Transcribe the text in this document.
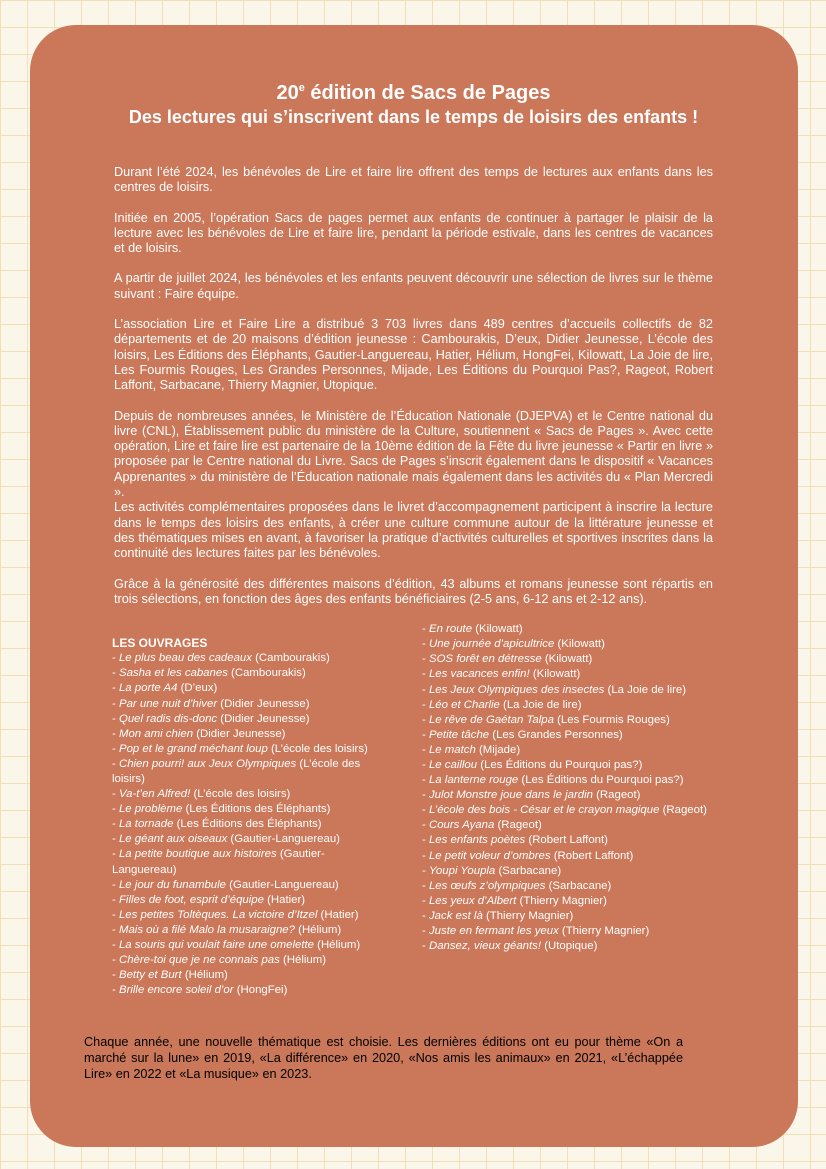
20e édition de Sacs de Pages
Des lectures qui s’inscrivent dans le temps de loisirs des enfants !

Durant l’été 2024, les bénévoles de Lire et faire lire offrent des temps de lectures aux enfants dans les centres de loisirs.

Initiée en 2005, l’opération Sacs de pages permet aux enfants de continuer à partager le plaisir de la lecture avec les bénévoles de Lire et faire lire, pendant la période estivale, dans les centres de vacances et de loisirs.

A partir de juillet 2024, les bénévoles et les enfants peuvent découvrir une sélection de livres sur le thème suivant : Faire équipe.

L’association Lire et Faire Lire a distribué 3 703 livres dans 489 centres d’accueils collectifs de 82 départements et de 20 maisons d’édition jeunesse : Cambourakis, D’eux, Didier Jeunesse, L’école des loisirs, Les Éditions des Éléphants, Gautier-Languereau, Hatier, Hélium, HongFei, Kilowatt, La Joie de lire, Les Fourmis Rouges, Les Grandes Personnes, Mijade, Les Éditions du Pourquoi Pas?, Rageot, Robert Laffont, Sarbacane, Thierry Magnier, Utopique.

Depuis de nombreuses années, le Ministère de l’Éducation Nationale (DJEPVA) et le Centre national du livre (CNL), Établissement public du ministère de la Culture, soutiennent « Sacs de Pages ». Avec cette opération, Lire et faire lire est partenaire de la 10ème édition de la Fête du livre jeunesse « Partir en livre » proposée par le Centre national du Livre. Sacs de Pages s’inscrit également dans le dispositif « Vacances Apprenantes » du ministère de l’Éducation nationale mais également dans les activités du « Plan Mercredi ».

Les activités complémentaires proposées dans le livret d’accompagnement participent à inscrire la lecture dans le temps des loisirs des enfants, à créer une culture commune autour de la littérature jeunesse et des thématiques mises en avant, à favoriser la pratique d’activités culturelles et sportives inscrites dans la continuité des lectures faites par les bénévoles.

Grâce à la générosité des différentes maisons d’édition, 43 albums et romans jeunesse sont répartis en trois sélections, en fonction des âges des enfants bénéficiaires (2-5 ans, 6-12 ans et 2-12 ans).

LES OUVRAGES
- Le plus beau des cadeaux (Cambourakis)
- Sasha et les cabanes (Cambourakis)
- La porte A4 (D’eux)
- Par une nuit d’hiver (Didier Jeunesse)
- Quel radis dis-donc (Didier Jeunesse)
- Mon ami chien (Didier Jeunesse)
- Pop et le grand méchant loup (L’école des loisirs)
- Chien pourri! aux Jeux Olympiques (L’école des loisirs)
- Va-t’en Alfred! (L’école des loisirs)
- Le problème (Les Éditions des Éléphants)
- La tornade (Les Éditions des Éléphants)
- Le géant aux oiseaux (Gautier-Languereau)
- La petite boutique aux histoires (Gautier-Languereau)
- Le jour du funambule (Gautier-Languereau)
- Filles de foot, esprit d’équipe (Hatier)
- Les petites Toltèques. La victoire d’Itzel (Hatier)
- Mais où a filé Malo la musaraigne? (Hélium)
- La souris qui voulait faire une omelette (Hélium)
- Chère-toi que je ne connais pas (Hélium)
- Betty et Burt (Hélium)
- Brille encore soleil d’or (HongFei)
- En route (Kilowatt)
- Une journée d’apicultrice (Kilowatt)
- SOS forêt en détresse (Kilowatt)
- Les vacances enfin! (Kilowatt)
- Les Jeux Olympiques des insectes (La Joie de lire)
- Léo et Charlie (La Joie de lire)
- Le rêve de Gaétan Talpa (Les Fourmis Rouges)
- Petite tâche (Les Grandes Personnes)
- Le match (Mijade)
- Le caillou (Les Éditions du Pourquoi pas?)
- La lanterne rouge (Les Éditions du Pourquoi pas?)
- Julot Monstre joue dans le jardin (Rageot)
- L’école des bois - César et le crayon magique (Rageot)
- Cours Ayana (Rageot)
- Les enfants poètes (Robert Laffont)
- Le petit voleur d’ombres (Robert Laffont)
- Youpi Youpla (Sarbacane)
- Les œufs z’olympiques (Sarbacane)
- Les yeux d’Albert (Thierry Magnier)
- Jack est là (Thierry Magnier)
- Juste en fermant les yeux (Thierry Magnier)
- Dansez, vieux géants! (Utopique)

Chaque année, une nouvelle thématique est choisie. Les dernières éditions ont eu pour thème «On a marché sur la lune» en 2019, «La différence» en 2020, «Nos amis les animaux» en 2021, «L’échappée Lire» en 2022 et «La musique» en 2023.
